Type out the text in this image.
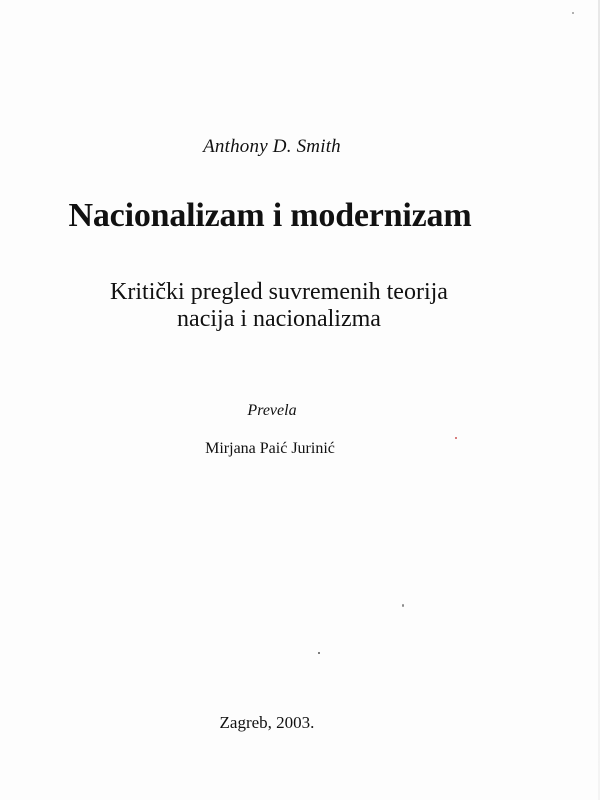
Anthony D. Smith
Nacionalizam i modernizam
Kritički pregled suvremenih teorija
nacija i nacionalizma
Prevela
Mirjana Paić Jurinić
Zagreb, 2003.
